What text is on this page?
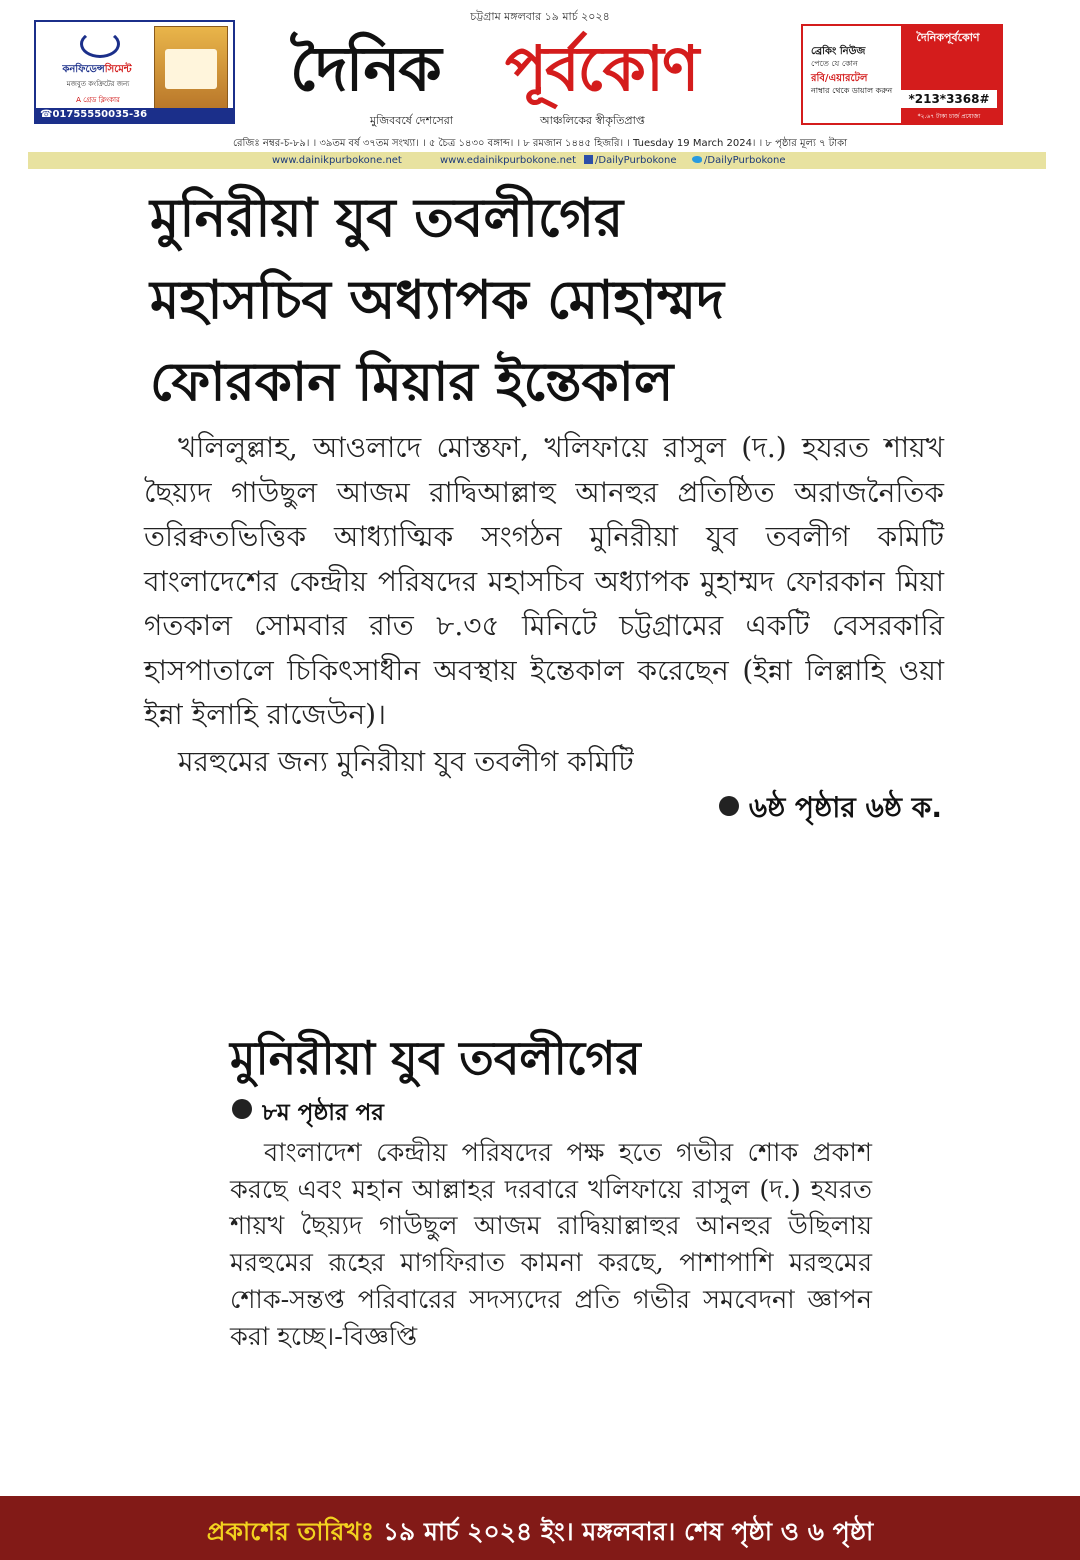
চট্টগ্রাম মঙ্গলবার ১৯ মার্চ ২০২৪
কনফিডেন্সসিমেন্ট
মজবুত কংক্রিটের জন্য
A গ্রেড ক্লিংকার
☎01755550035-36
দৈনিক পূর্বকোণ
মুজিববর্ষে দেশসেরা	আঞ্চলিকের স্বীকৃতিপ্রাপ্ত
দৈনিকপূর্বকোণ
ব্রেকিং নিউজ
পেতে যে কোন
রবি/এয়ারটেল
নাম্বার থেকে ডায়াল করুন
*213*3368#
*২.৬৭ টাকা চার্জ প্রযোজ্য
রেজিঃ নম্বর-চ-৮৯। । ৩৯তম বর্ষ ৩৭তম সংখ্যা। । ৫ চৈত্র ১৪৩০ বঙ্গাব্দ। । ৮ রমজান ১৪৪৫ হিজরি। । Tuesday 19 March 2024। । ৮ পৃষ্ঠার মূল্য ৭ টাকা
www.dainikpurbokone.net	www.edainikpurbokone.net	/DailyPurbokone	/DailyPurbokone
মুনিরীয়া যুব তবলীগের
মহাসচিব অধ্যাপক মোহাম্মদ
ফোরকান মিয়ার ইন্তেকাল
খলিলুল্লাহ, আওলাদে মোস্তফা, খলিফায়ে রাসুল (দ.) হযরত শায়খ ছৈয়্যদ গাউছুল আজম রাদ্বিআল্লাহু আনহুর প্রতিষ্ঠিত অরাজনৈতিক তরিক্বতভিত্তিক আধ্যাত্মিক সংগঠন মুনিরীয়া যুব তবলীগ কমিটি বাংলাদেশের কেন্দ্রীয় পরিষদের মহাসচিব অধ্যাপক মুহাম্মদ ফোরকান মিয়া গতকাল সোমবার রাত ৮.৩৫ মিনিটে চট্টগ্রামের একটি বেসরকারি হাসপাতালে চিকিৎসাধীন অবস্থায় ইন্তেকাল করেছেন (ইন্না লিল্লাহি ওয়া ইন্না ইলাহি রাজেউন)।
মরহুমের জন্য মুনিরীয়া যুব তবলীগ কমিটি
৬ষ্ঠ পৃষ্ঠার ৬ষ্ঠ ক.
মুনিরীয়া যুব তবলীগের
৮ম পৃষ্ঠার পর
বাংলাদেশ কেন্দ্রীয় পরিষদের পক্ষ হতে গভীর শোক প্রকাশ করছে এবং মহান আল্লাহর দরবারে খলিফায়ে রাসুল (দ.) হযরত শায়খ ছৈয়্যদ গাউছুল আজম রাদ্বিয়াল্লাহুর আনহুর উছিলায় মরহুমের রূহের মাগফিরাত কামনা করছে, পাশাপাশি মরহুমের শোক-সন্তপ্ত পরিবারের সদস্যদের প্রতি গভীর সমবেদনা জ্ঞাপন করা হচ্ছে।-বিজ্ঞপ্তি
প্রকাশের তারিখঃ ১৯ মার্চ ২০২৪ ইং। মঙ্গলবার। শেষ পৃষ্ঠা ও ৬ পৃষ্ঠা
